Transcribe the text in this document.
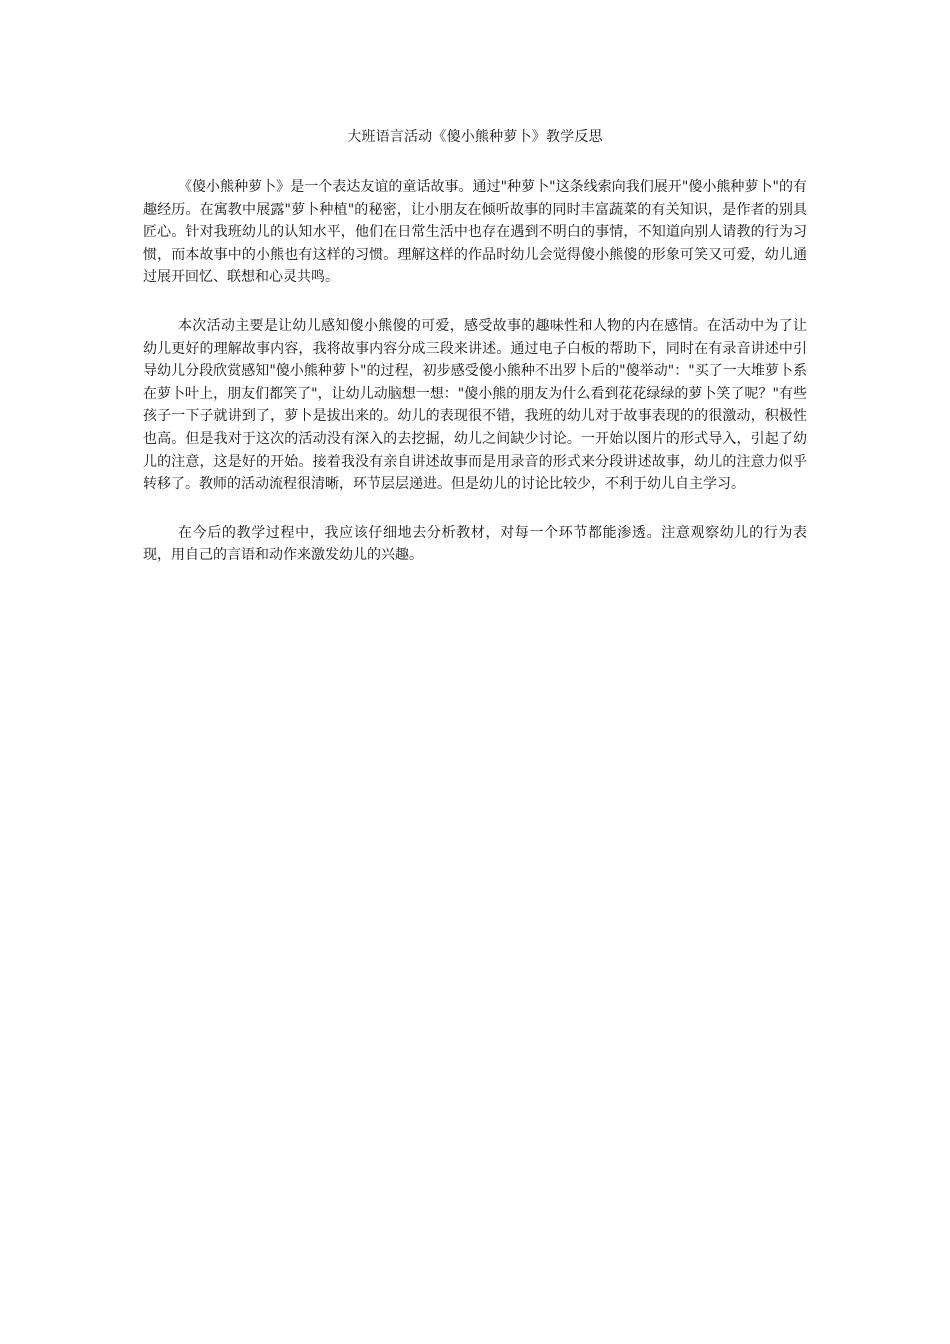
大班语言活动《傻小熊种萝卜》教学反思

《傻小熊种萝卜》是一个表达友谊的童话故事。通过"种萝卜"这条线索向我们展开"傻小熊种萝卜"的有趣经历。在寓教中展露"萝卜种植"的秘密，让小朋友在倾听故事的同时丰富蔬菜的有关知识，是作者的别具匠心。针对我班幼儿的认知水平，他们在日常生活中也存在遇到不明白的事情，不知道向别人请教的行为习惯，而本故事中的小熊也有这样的习惯。理解这样的作品时幼儿会觉得傻小熊傻的形象可笑又可爱，幼儿通过展开回忆、联想和心灵共鸣。

本次活动主要是让幼儿感知傻小熊傻的可爱，感受故事的趣味性和人物的内在感情。在活动中为了让幼儿更好的理解故事内容，我将故事内容分成三段来讲述。通过电子白板的帮助下，同时在有录音讲述中引导幼儿分段欣赏感知"傻小熊种萝卜"的过程，初步感受傻小熊种不出罗卜后的"傻举动"："买了一大堆萝卜系在萝卜叶上，朋友们都笑了"，让幼儿动脑想一想："傻小熊的朋友为什么看到花花绿绿的萝卜笑了呢？"有些孩子一下子就讲到了，萝卜是拔出来的。幼儿的表现很不错，我班的幼儿对于故事表现的的很激动，积极性也高。但是我对于这次的活动没有深入的去挖掘，幼儿之间缺少讨论。一开始以图片的形式导入，引起了幼儿的注意，这是好的开始。接着我没有亲自讲述故事而是用录音的形式来分段讲述故事，幼儿的注意力似乎转移了。教师的活动流程很清晰，环节层层递进。但是幼儿的讨论比较少，不利于幼儿自主学习。

在今后的教学过程中，我应该仔细地去分析教材，对每一个环节都能渗透。注意观察幼儿的行为表现，用自己的言语和动作来激发幼儿的兴趣。
